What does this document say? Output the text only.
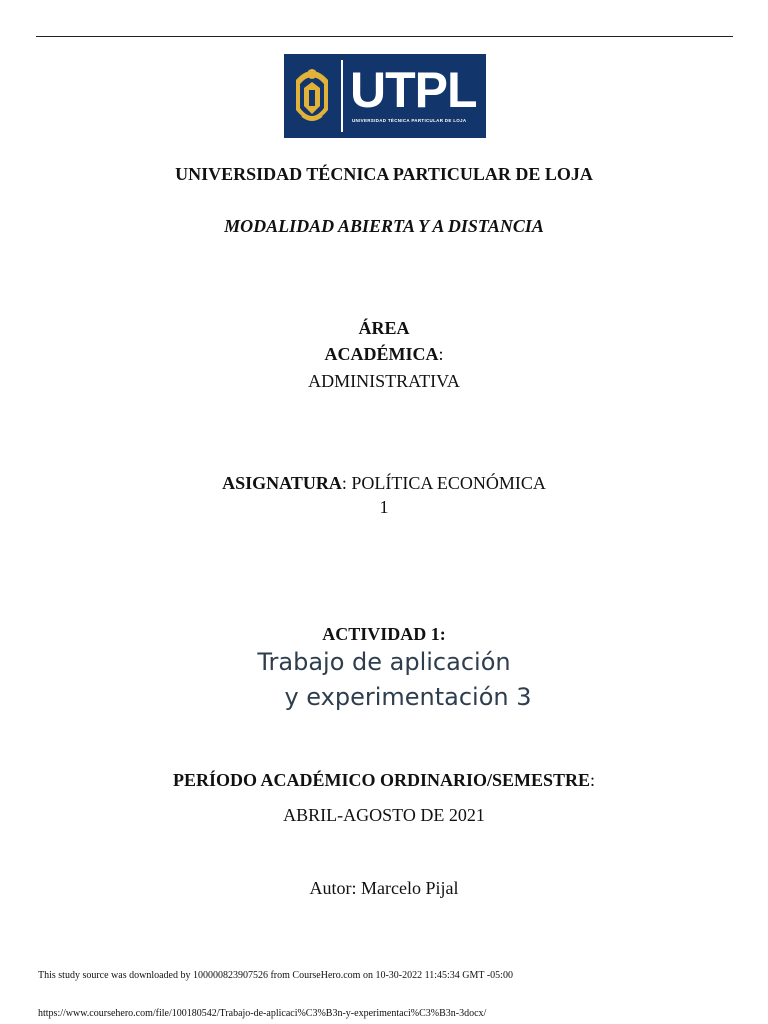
UTPL
UNIVERSIDAD TÉCNICA PARTICULAR DE LOJA
UNIVERSIDAD TÉCNICA PARTICULAR DE LOJA
MODALIDAD ABIERTA Y A DISTANCIA
ÁREA
ACADÉMICA:
ADMINISTRATIVA
ASIGNATURA: POLÍTICA ECONÓMICA
1
ACTIVIDAD 1:
Trabajo de aplicación
y experimentación 3
PERÍODO ACADÉMICO ORDINARIO/SEMESTRE:
ABRIL-AGOSTO DE 2021
Autor: Marcelo Pijal
This study source was downloaded by 100000823907526 from CourseHero.com on 10-30-2022 11:45:34 GMT -05:00
https://www.coursehero.com/file/100180542/Trabajo-de-aplicaci%C3%B3n-y-experimentaci%C3%B3n-3docx/
